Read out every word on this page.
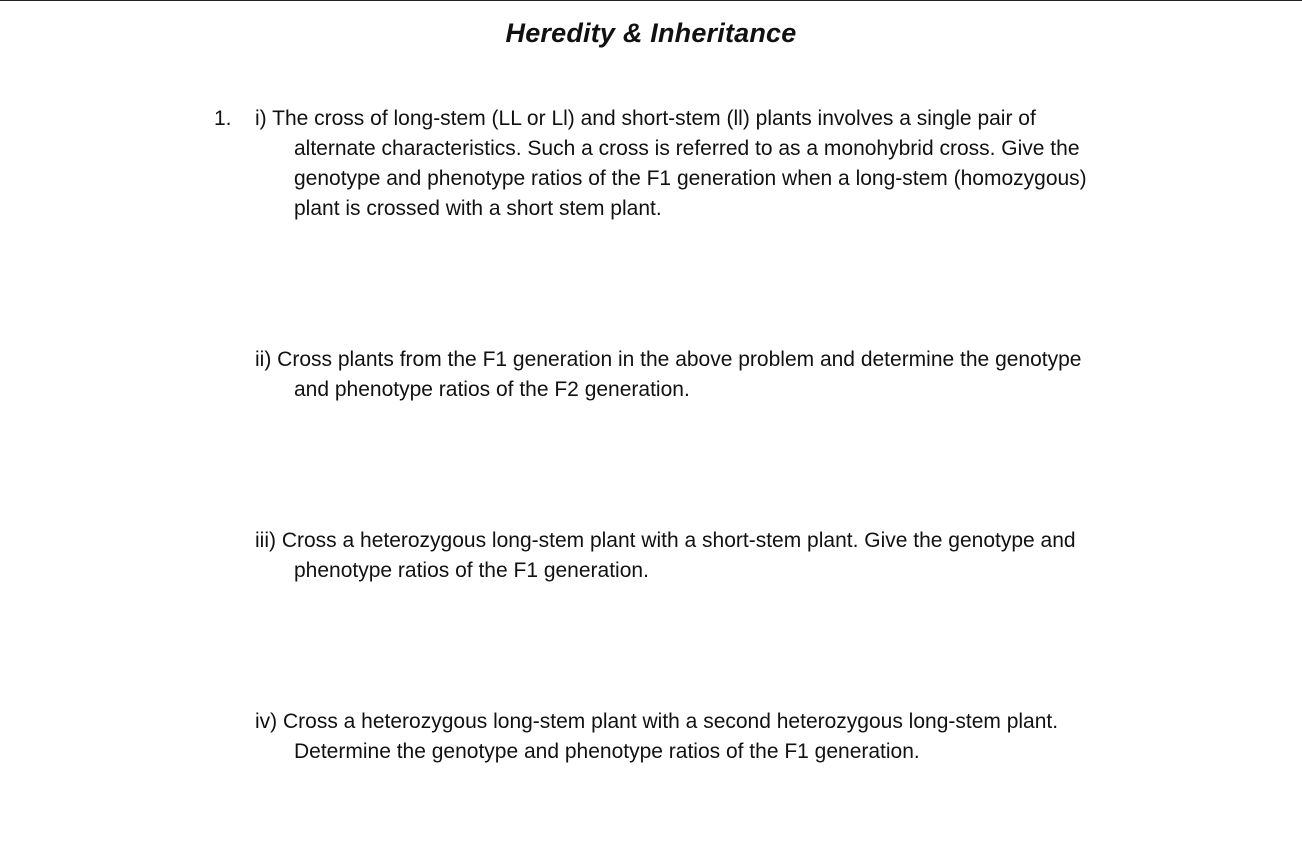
Heredity & Inheritance
1. i) The cross of long-stem (LL or Ll) and short-stem (ll) plants involves a single pair of alternate characteristics. Such a cross is referred to as a monohybrid cross. Give the genotype and phenotype ratios of the F1 generation when a long-stem (homozygous) plant is crossed with a short stem plant.
ii) Cross plants from the F1 generation in the above problem and determine the genotype and phenotype ratios of the F2 generation.
iii) Cross a heterozygous long-stem plant with a short-stem plant. Give the genotype and phenotype ratios of the F1 generation.
iv) Cross a heterozygous long-stem plant with a second heterozygous long-stem plant. Determine the genotype and phenotype ratios of the F1 generation.
